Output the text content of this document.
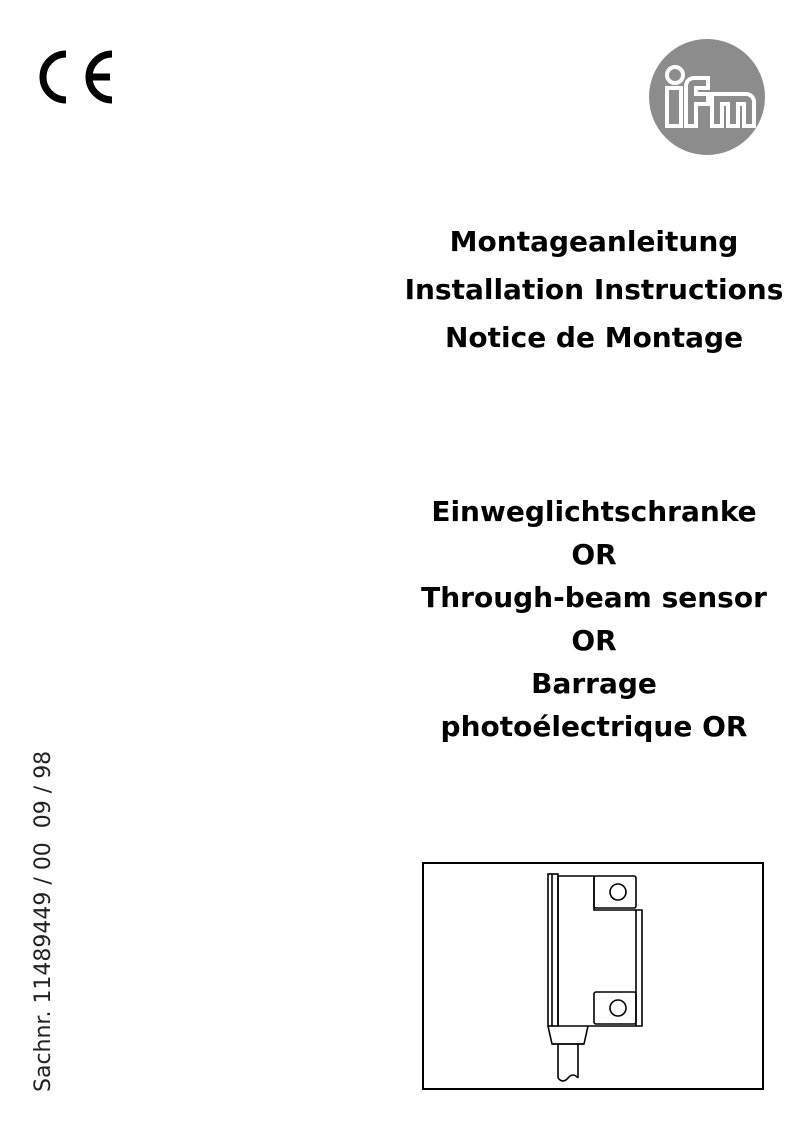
Montageanleitung
Installation Instructions
Notice de Montage
Einweglichtschranke
OR
Through-beam sensor
OR
Barrage
photoélectrique OR
Sachnr. 11489449 / 00  09 / 98
